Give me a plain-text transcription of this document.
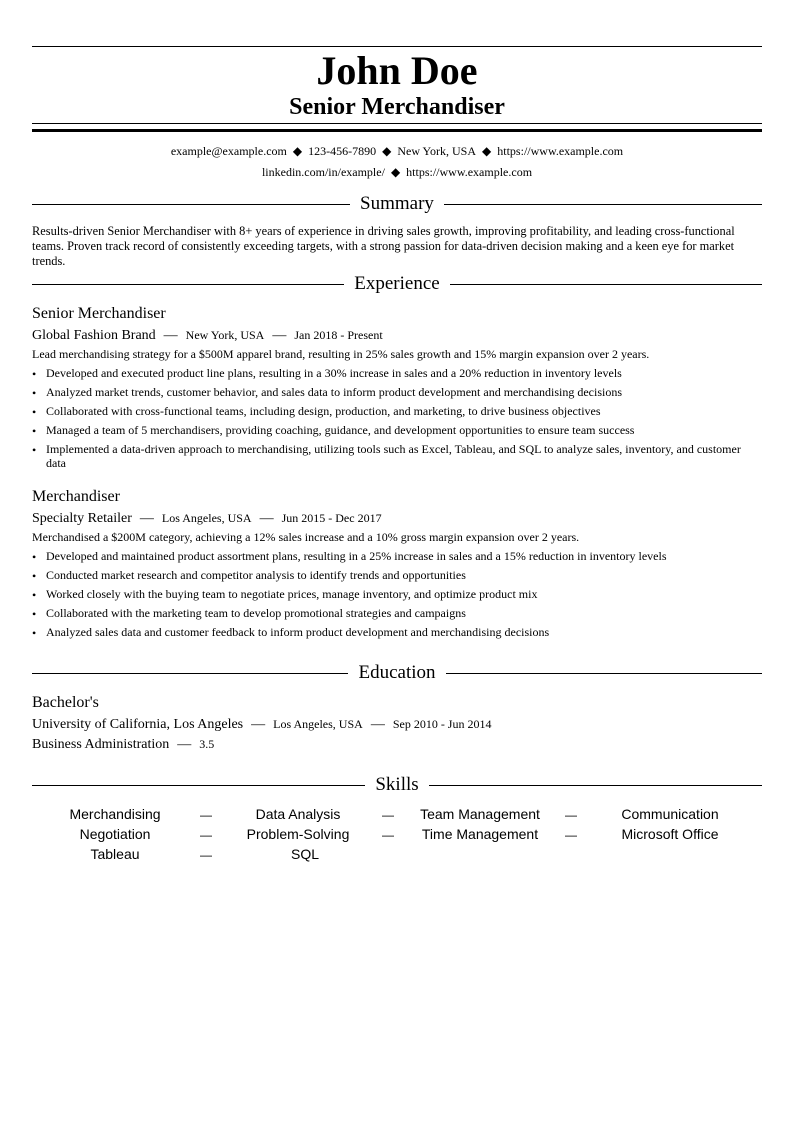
John Doe
Senior Merchandiser
example@example.com ◆ 123-456-7890 ◆ New York, USA ◆ https://www.example.com
linkedin.com/in/example/ ◆ https://www.example.com
Summary
Results-driven Senior Merchandiser with 8+ years of experience in driving sales growth, improving profitability, and leading cross-functional teams. Proven track record of consistently exceeding targets, with a strong passion for data-driven decision making and a keen eye for market trends.
Experience
Senior Merchandiser
Global Fashion Brand — New York, USA — Jan 2018 - Present
Lead merchandising strategy for a $500M apparel brand, resulting in 25% sales growth and 15% margin expansion over 2 years.
• Developed and executed product line plans, resulting in a 30% increase in sales and a 20% reduction in inventory levels
• Analyzed market trends, customer behavior, and sales data to inform product development and merchandising decisions
• Collaborated with cross-functional teams, including design, production, and marketing, to drive business objectives
• Managed a team of 5 merchandisers, providing coaching, guidance, and development opportunities to ensure team success
• Implemented a data-driven approach to merchandising, utilizing tools such as Excel, Tableau, and SQL to analyze sales, inventory, and customer data
Merchandiser
Specialty Retailer — Los Angeles, USA — Jun 2015 - Dec 2017
Merchandised a $200M category, achieving a 12% sales increase and a 10% gross margin expansion over 2 years.
• Developed and maintained product assortment plans, resulting in a 25% increase in sales and a 15% reduction in inventory levels
• Conducted market research and competitor analysis to identify trends and opportunities
• Worked closely with the buying team to negotiate prices, manage inventory, and optimize product mix
• Collaborated with the marketing team to develop promotional strategies and campaigns
• Analyzed sales data and customer feedback to inform product development and merchandising decisions
Education
Bachelor's
University of California, Los Angeles — Los Angeles, USA — Sep 2010 - Jun 2014
Business Administration — 3.5
Skills
Merchandising	—	Data Analysis	—	Team Management	—	Communication
Negotiation	—	Problem-Solving	—	Time Management	—	Microsoft Office
Tableau	—	SQL
